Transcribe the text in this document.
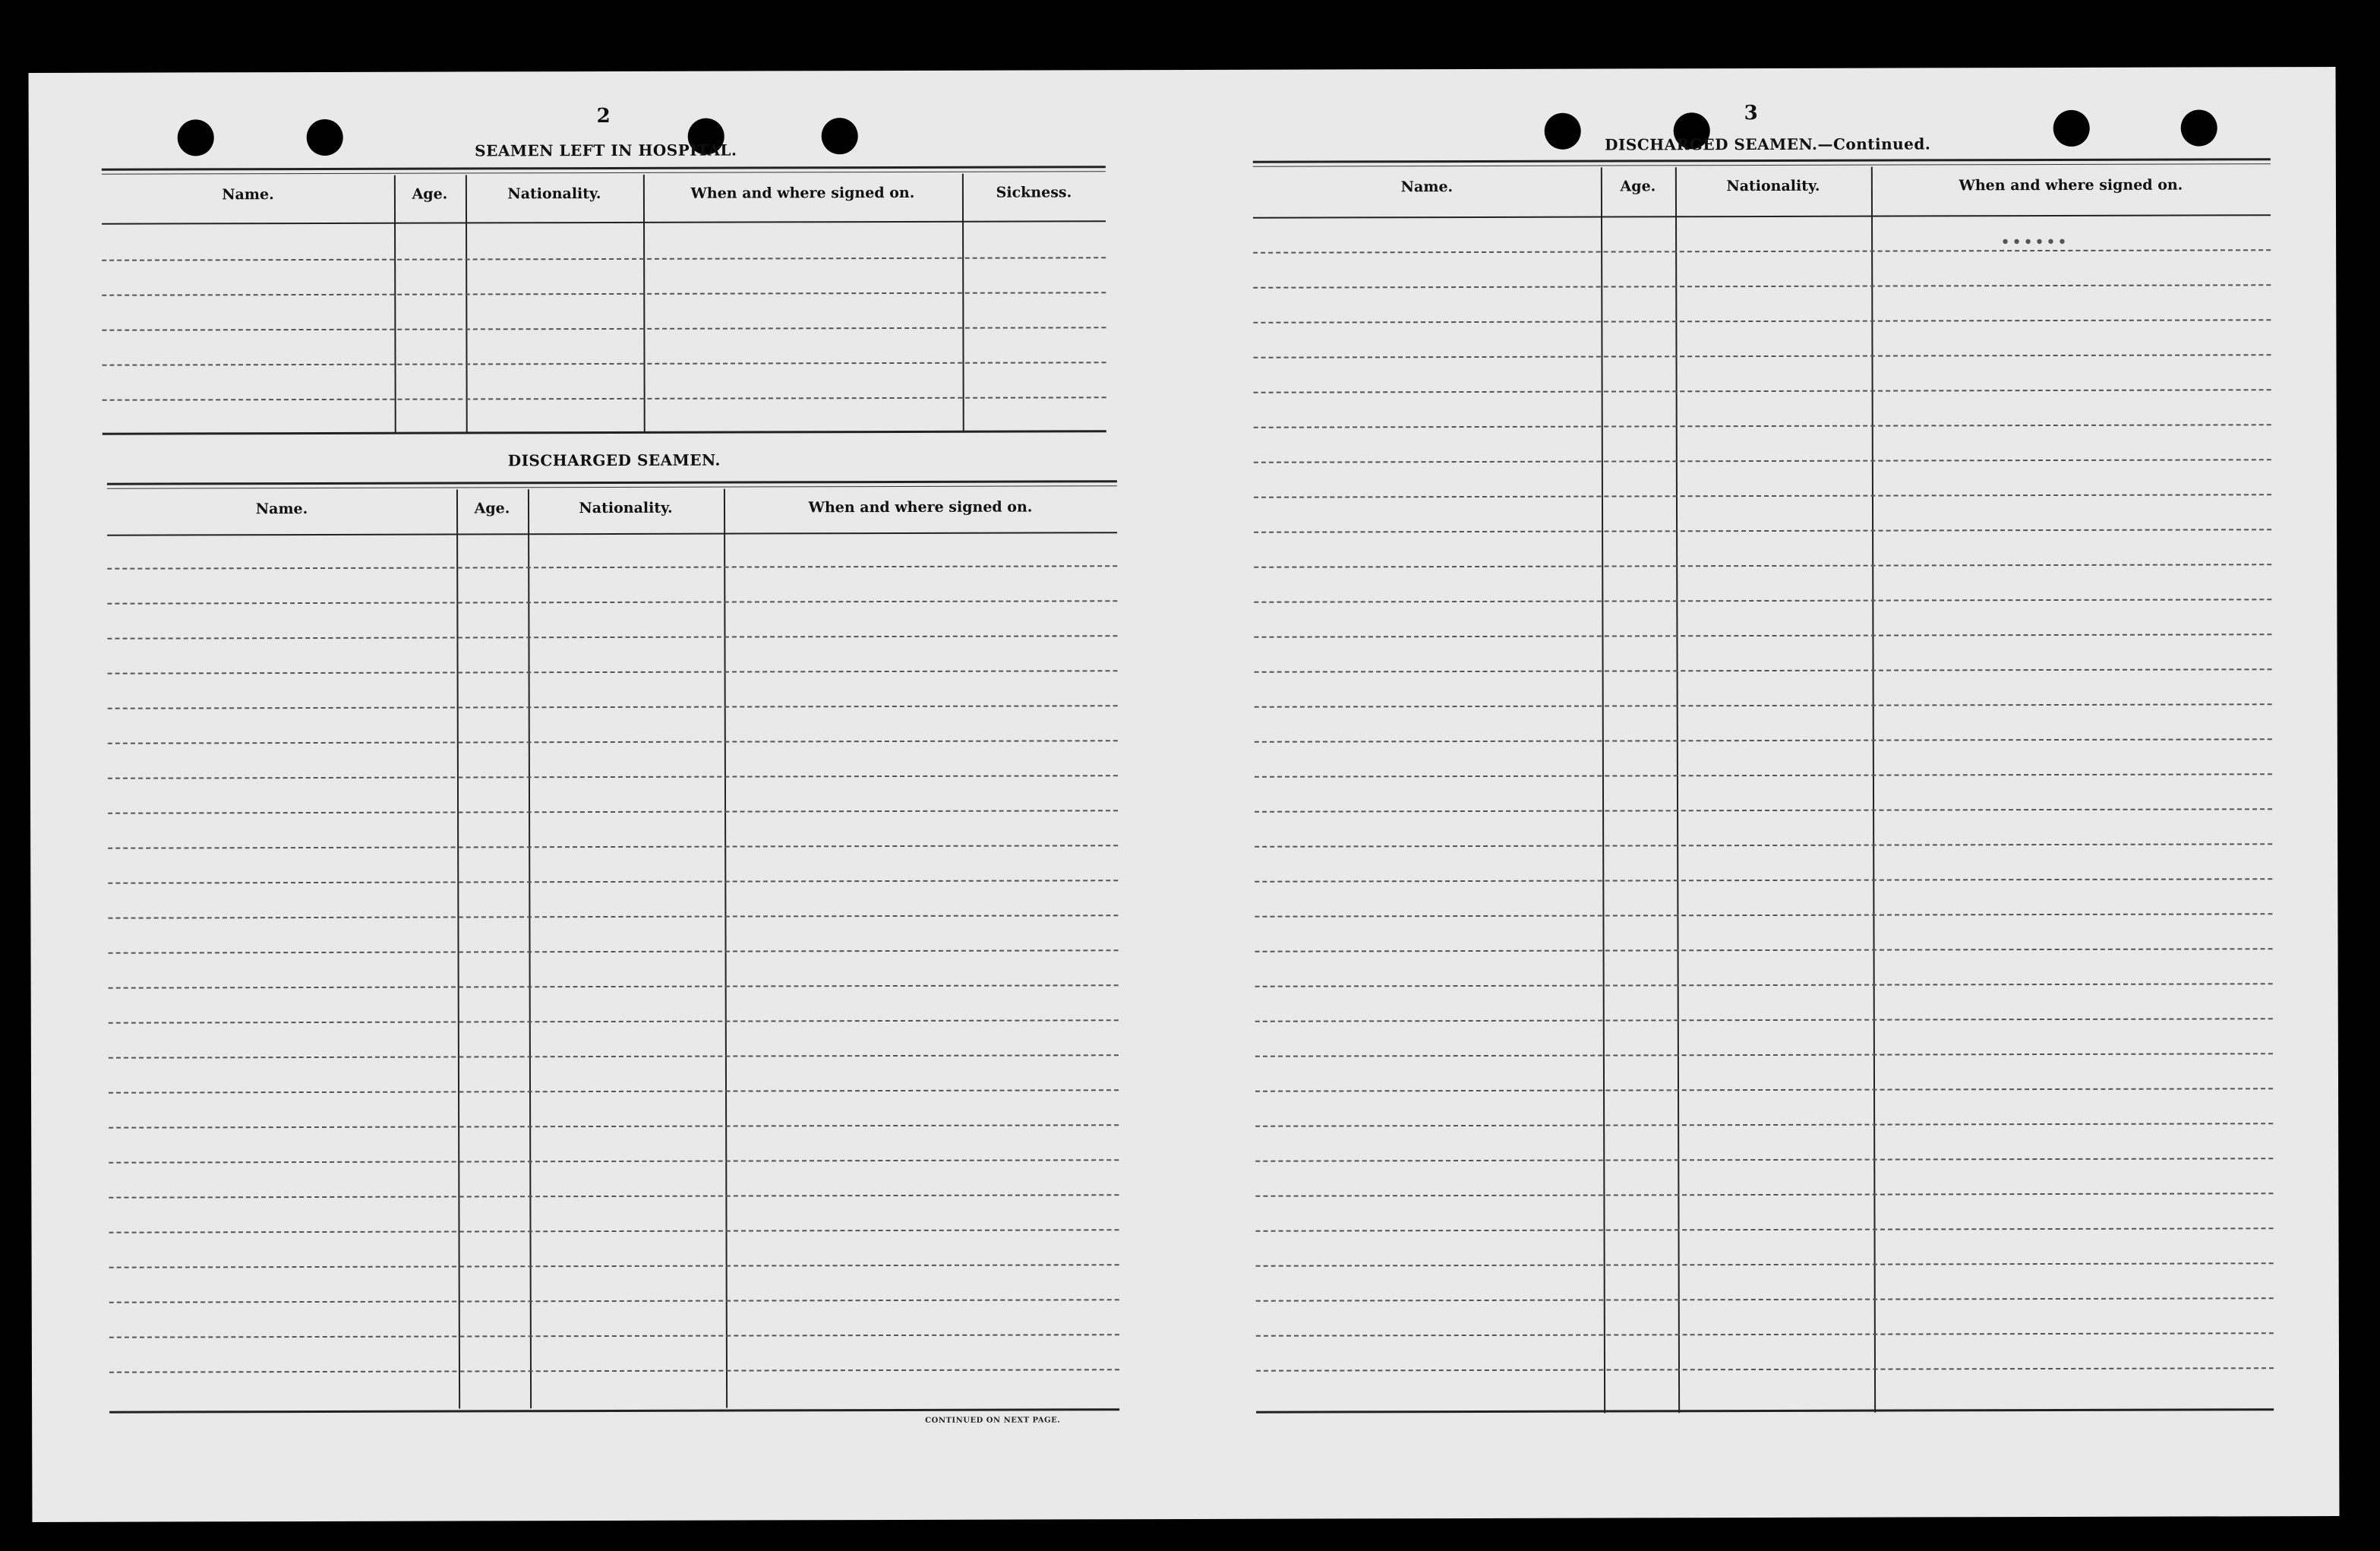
2
SEAMEN LEFT IN HOSPITAL.
Name.	Age.	Nationality.	When and where signed on.	Sickness.
DISCHARGED SEAMEN.
Name.	Age.	Nationality.	When and where signed on.
CONTINUED ON NEXT PAGE.
3
DISCHARGED SEAMEN.—Continued.
Name.	Age.	Nationality.	When and where signed on.
••••••
